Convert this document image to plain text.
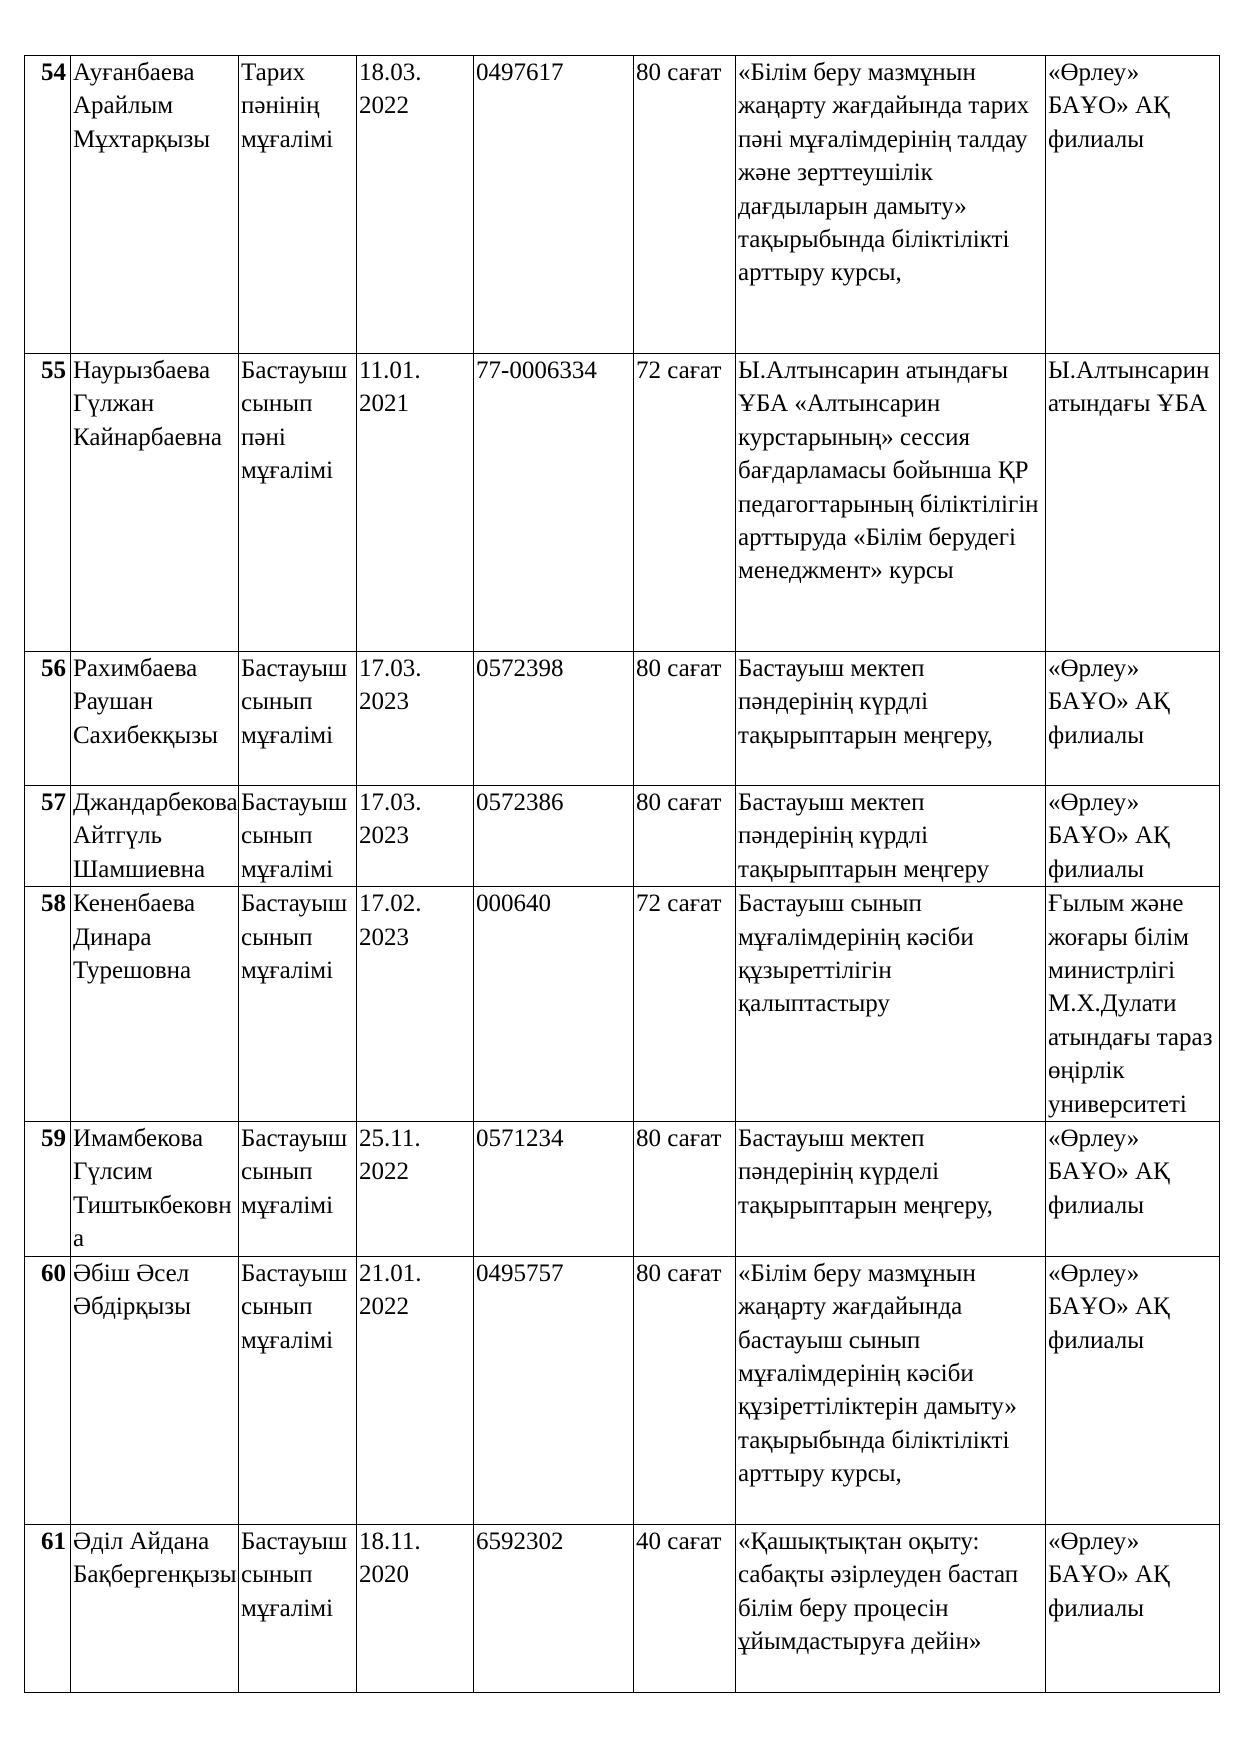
54	Ауғанбаева Арайлым Мұхтарқызы	Тарих пәнінің мұғалімі	18.03. 2022	0497617	80 сағат	«Білім беру мазмұнын жаңарту жағдайында тарих пәні мұғалімдерінің талдау және зерттеушілік дағдыларын дамыту» тақырыбында біліктілікті арттыру курсы,	«Өрлеу» БАҰО» АҚ филиалы
55	Наурызбаева Гүлжан Кайнарбаевна	Бастауыш сынып пәні мұғалімі	11.01. 2021	77-0006334	72 сағат	Ы.Алтынсарин атындағы ҰБА «Алтынсарин курстарының» сессия бағдарламасы бойынша ҚР педагогтарының біліктілігін арттыруда «Білім берудегі менеджмент» курсы	Ы.Алтынсарин атындағы ҰБА
56	Рахимбаева Раушан Сахибекқызы	Бастауыш сынып мұғалімі	17.03. 2023	0572398	80 сағат	Бастауыш мектеп пәндерінің күрдлі тақырыптарын меңгеру,	«Өрлеу» БАҰО» АҚ филиалы
57	Джандарбекова Айтгүль Шамшиевна	Бастауыш сынып мұғалімі	17.03. 2023	0572386	80 сағат	Бастауыш мектеп пәндерінің күрдлі тақырыптарын меңгеру	«Өрлеу» БАҰО» АҚ филиалы
58	Кененбаева Динара Турешовна	Бастауыш сынып мұғалімі	17.02. 2023	000640	72 сағат	Бастауыш сынып мұғалімдерінің кәсіби құзыреттілігін қалыптастыру	Ғылым және жоғары білім министрлігі М.Х.Дулати атындағы тараз өңірлік университеті
59	Имамбекова Гүлсим Тиштыкбековна	Бастауыш сынып мұғалімі	25.11. 2022	0571234	80 сағат	Бастауыш мектеп пәндерінің күрделі тақырыптарын меңгеру,	«Өрлеу» БАҰО» АҚ филиалы
60	Әбіш Әсел Әбдірқызы	Бастауыш сынып мұғалімі	21.01. 2022	0495757	80 сағат	«Білім беру мазмұнын жаңарту жағдайында бастауыш сынып мұғалімдерінің кәсіби құзіреттіліктерін дамыту» тақырыбында біліктілікті арттыру курсы,	«Өрлеу» БАҰО» АҚ филиалы
61	Әділ Айдана Бақбергенқызы	Бастауыш сынып мұғалімі	18.11. 2020	6592302	40 сағат	«Қашықтықтан оқыту: сабақты әзірлеуден бастап білім беру процесін ұйымдастыруға дейін»	«Өрлеу» БАҰО» АҚ филиалы
